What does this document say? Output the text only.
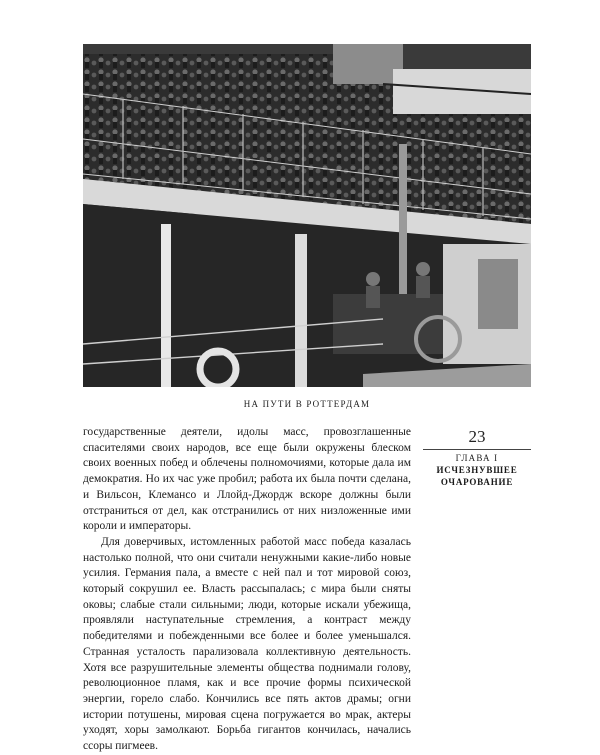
НА ПУТИ В РОТТЕРДАМ

государственные деятели, идолы масс, провозглашенные спасителями своих народов, все еще были окружены блеском своих военных побед и облечены полномочиями, которые дала им демократия. Но их час уже пробил; работа их была почти сделана, и Вильсон, Клемансо и Ллойд-Джордж вскоре должны были отстраниться от дел, как отстранились от них низложенные ими короли и императоры.

Для доверчивых, истомленных работой масс победа казалась настолько полной, что они считали ненужными какие-либо новые усилия. Германия пала, а вместе с ней пал и тот мировой союз, который сокрушил ее. Власть рассыпалась; с мира были сняты оковы; слабые стали сильными; люди, которые искали убежища, проявляли наступательные стремления, а контраст между победителями и побежденными все более и более уменьшался. Странная усталость парализовала коллективную деятельность. Хотя все разрушительные элементы общества поднимали голову, революционное пламя, как и все прочие формы психической энергии, горело слабо. Кончились все пять актов драмы; огни истории потушены, мировая сцена погружается во мрак, актеры уходят, хоры замолкают. Борьба гигантов кончилась, начались ссоры пигмеев.

23
ГЛАВА I
ИСЧЕЗНУВШЕЕ ОЧАРОВАНИЕ
